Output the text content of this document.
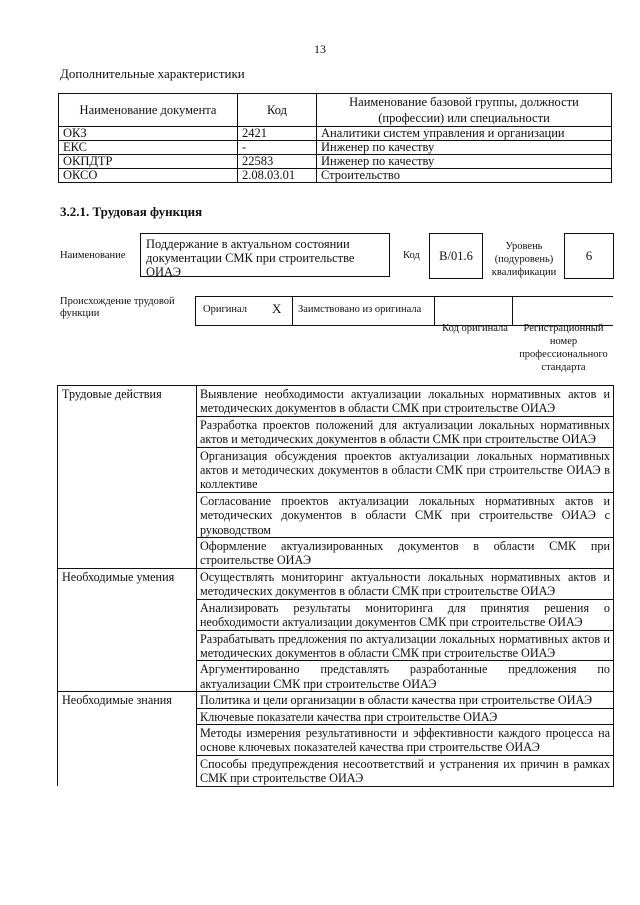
13
Дополнительные характеристики
Наименование документа	Код	Наименование базовой группы, должности (профессии) или специальности
ОКЗ	2421	Аналитики систем управления и организации
ЕКС	-	Инженер по качеству
ОКПДТР	22583	Инженер по качеству
ОКСО	2.08.03.01	Строительство
3.2.1. Трудовая функция
Наименование
Поддержание в актуальном состоянии документации СМК при строительстве ОИАЭ
Код	B/01.6
Уровень (подуровень) квалификации
6
Происхождение трудовой функции	Оригинал X Заимствовано из оригинала
Код оригинала	Регистрационный номер профессионального стандарта
Трудовые действия	Выявление необходимости актуализации локальных нормативных актов и методических документов в области СМК при строительстве ОИАЭ
	Разработка проектов положений для актуализации локальных нормативных актов и методических документов в области СМК при строительстве ОИАЭ
	Организация обсуждения проектов актуализации локальных нормативных актов и методических документов в области СМК при строительстве ОИАЭ в коллективе
	Согласование проектов актуализации локальных нормативных актов и методических документов в области СМК при строительстве ОИАЭ с руководством
	Оформление актуализированных документов в области СМК при строительстве ОИАЭ
Необходимые умения	Осуществлять мониторинг актуальности локальных нормативных актов и методических документов в области СМК при строительстве ОИАЭ
	Анализировать результаты мониторинга для принятия решения о необходимости актуализации документов СМК при строительстве ОИАЭ
	Разрабатывать предложения по актуализации локальных нормативных актов и методических документов в области СМК при строительстве ОИАЭ
	Аргументированно представлять разработанные предложения по актуализации СМК при строительстве ОИАЭ
Необходимые знания	Политика и цели организации в области качества при строительстве ОИАЭ
	Ключевые показатели качества при строительстве ОИАЭ
	Методы измерения результативности и эффективности каждого процесса на основе ключевых показателей качества при строительстве ОИАЭ
	Способы предупреждения несоответствий и устранения их причин в рамках СМК при строительстве ОИАЭ
